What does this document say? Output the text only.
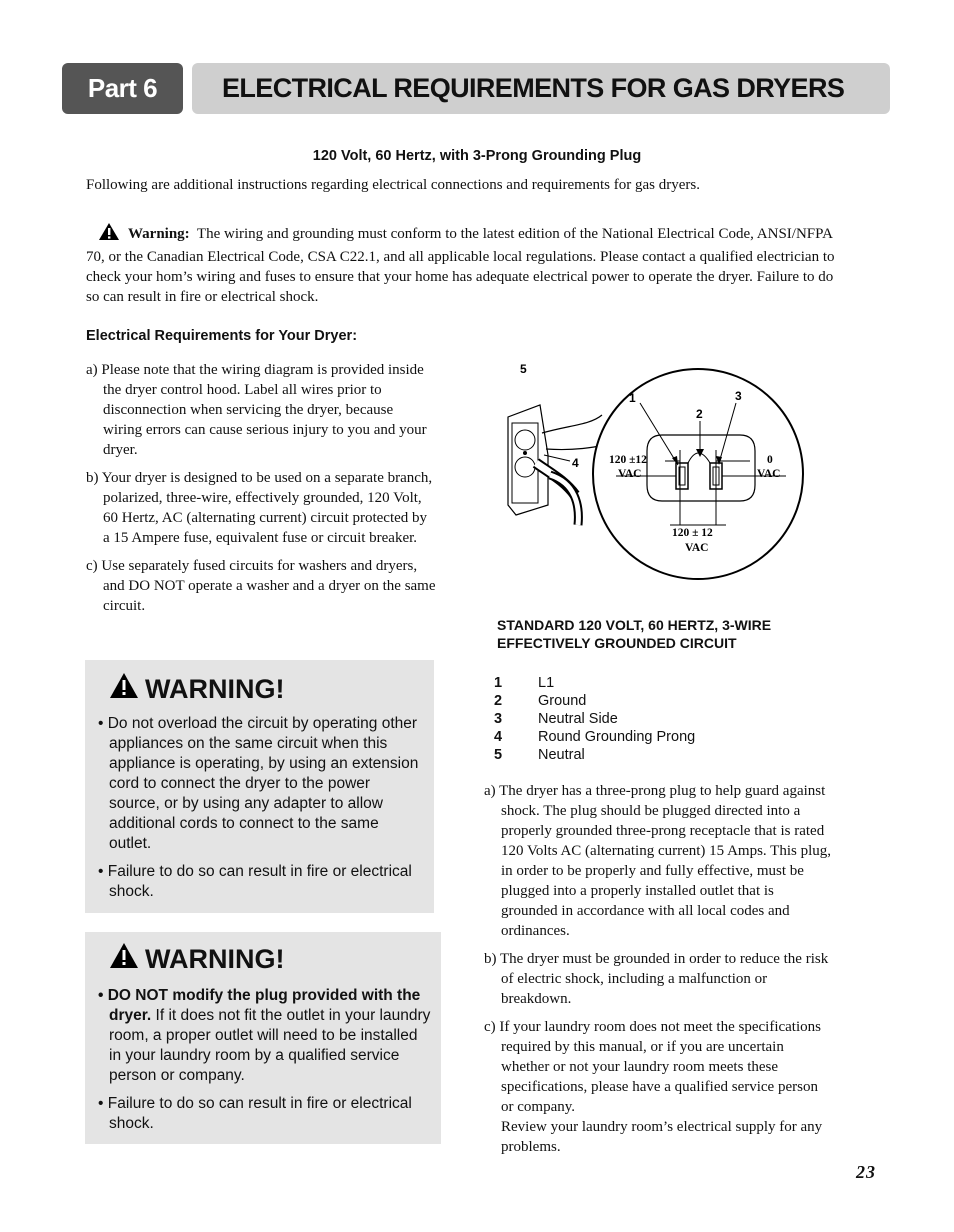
Part 6	ELECTRICAL REQUIREMENTS FOR GAS DRYERS
120 Volt, 60 Hertz, with 3-Prong Grounding Plug
Following are additional instructions regarding electrical connections and requirements for gas dryers.
Warning: The wiring and grounding must conform to the latest edition of the National Electrical Code, ANSI/NFPA 70, or the Canadian Electrical Code, CSA C22.1, and all applicable local regulations. Please contact a qualified electrician to check your hom’s wiring and fuses to ensure that your home has adequate electrical power to operate the dryer. Failure to do so can result in fire or electrical shock.
Electrical Requirements for Your Dryer:

a) Please note that the wiring diagram is provided inside the dryer control hood. Label all wires prior to disconnection when servicing the dryer, because wiring errors can cause serious injury to you and your dryer.

b) Your dryer is designed to be used on a separate branch, polarized, three-wire, effectively grounded, 120 Volt, 60 Hertz, AC (alternating current) circuit protected by a 15 Ampere fuse, equivalent fuse or circuit breaker.

c) Use separately fused circuits for washers and dryers, and DO NOT operate a washer and a dryer on the same circuit.

WARNING!

• Do not overload the circuit by operating other appliances on the same circuit when this appliance is operating, by using an extension cord to connect the dryer to the power source, or by using any adapter to allow additional cords to connect to the same outlet.

• Failure to do so can result in fire or electrical shock.

WARNING!

• DO NOT modify the plug provided with the dryer. If it does not fit the outlet in your laundry room, a proper outlet will need to be installed in your laundry room by a qualified service person or company.

• Failure to do so can result in fire or electrical shock.

5
1
2
3
4	120 ±12
VAC
0
VAC
120 ± 12
VAC
STANDARD 120 VOLT, 60 HERTZ, 3-WIRE
EFFECTIVELY GROUNDED CIRCUIT
1	L1
2	Ground
3	Neutral Side
4	Round Grounding Prong
5	Neutral

a) The dryer has a three-prong plug to help guard against shock. The plug should be plugged directed into a properly grounded three-prong receptacle that is rated 120 Volts AC (alternating current) 15 Amps. This plug, in order to be properly and fully effective, must be plugged into a properly installed outlet that is grounded in accordance with all local codes and ordinances.

b) The dryer must be grounded in order to reduce the risk of electric shock, including a malfunction or breakdown.

c) If your laundry room does not meet the specifications required by this manual, or if you are uncertain whether or not your laundry room meets these specifications, please have a qualified service person or company.

Review your laundry room’s electrical supply for any problems.

23
